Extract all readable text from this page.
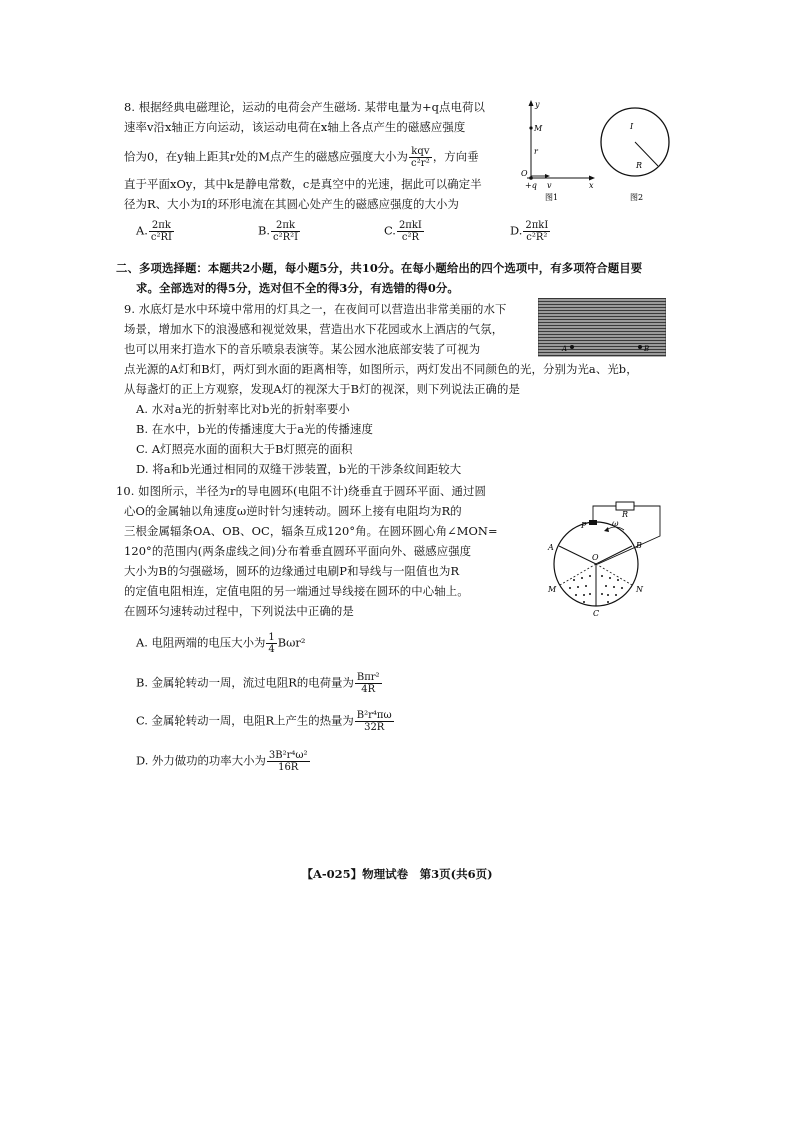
8. 根据经典电磁理论，运动的电荷会产生磁场. 某带电量为+q点电荷以
速率v沿x轴正方向运动，该运动电荷在x轴上各点产生的磁感应强度
恰为0，在y轴上距其r处的M点产生的磁感应强度大小为 $\frac{\text{kqv}}{\text{c²r²}}$ ，方向垂
直于平面xOy，其中k是静电常数，c是真空中的光速，据此可以确定半
径为R、大小为I的环形电流在其圆心处产生的磁感应强度的大小为
A. $\frac{2\pi k}{\text{c²RI}}$	B. $\frac{2\pi k}{\text{c²R²I}}$	C. $\frac{\text{2πkI}}{\text{c²R}}$	D. $\frac{\text{2πkI}}{\text{c²R²}}$
y
M
r
O
+q v	x
图1
I
R
图2
二、多项选择题：本题共2小题，每小题5分，共10分。在每小题给出的四个选项中，有多项符合题目要
求。全部选对的得5分，选对但不全的得3分，有选错的得0分。
9. 水底灯是水中环境中常用的灯具之一，在夜间可以营造出非常美丽的水下
场景，增加水下的浪漫感和视觉效果，营造出水下花园或水上酒店的气氛，
也可以用来打造水下的音乐喷泉表演等。某公园水池底部安装了可视为
点光源的A灯和B灯，两灯到水面的距离相等，如图所示，两灯发出不同颜色的光，分别为光a、光b，
从每盏灯的正上方观察，发现A灯的视深大于B灯的视深，则下列说法正确的是
A. 水对a光的折射率比对b光的折射率要小
B. 在水中，b光的传播速度大于a光的传播速度
C. A灯照亮水面的面积大于B灯照亮的面积
D. 将a和b光通过相同的双缝干涉装置，b光的干涉条纹间距较大
A	B
10. 如图所示，半径为r的导电圆环(电阻不计)绕垂直于圆环平面、通过圆
心O的金属轴以角速度ω逆时针匀速转动。圆环上接有电阻均为R的
三根金属辐条OA、OB、OC，辐条互成120°角。在圆环圆心角∠MON=
120°的范围内(两条虚线之间)分布着垂直圆环平面向外、磁感应强度
大小为B的匀强磁场，圆环的边缘通过电刷P和导线与一阻值也为R
的定值电阻相连，定值电阻的另一端通过导线接在圆环的中心轴上。
在圆环匀速转动过程中，下列说法中正确的是
A. 电阻两端的电压大小为 $\frac{1}{4} B\omega r^2$
B. 金属轮转动一周，流过电阻R的电荷量为 $\frac{\text{Bπr²}}{4R}$
C. 金属轮转动一周，电阻R上产生的热量为 $\frac{\text{B²r⁴πω}}{32R}$
D. 外力做功的功率大小为 $\frac{\text{3B²r⁴ω²}}{16R}$
P
R
ω
A	B
O
M	N
C
【A-025】物理试卷　第3页(共6页)
